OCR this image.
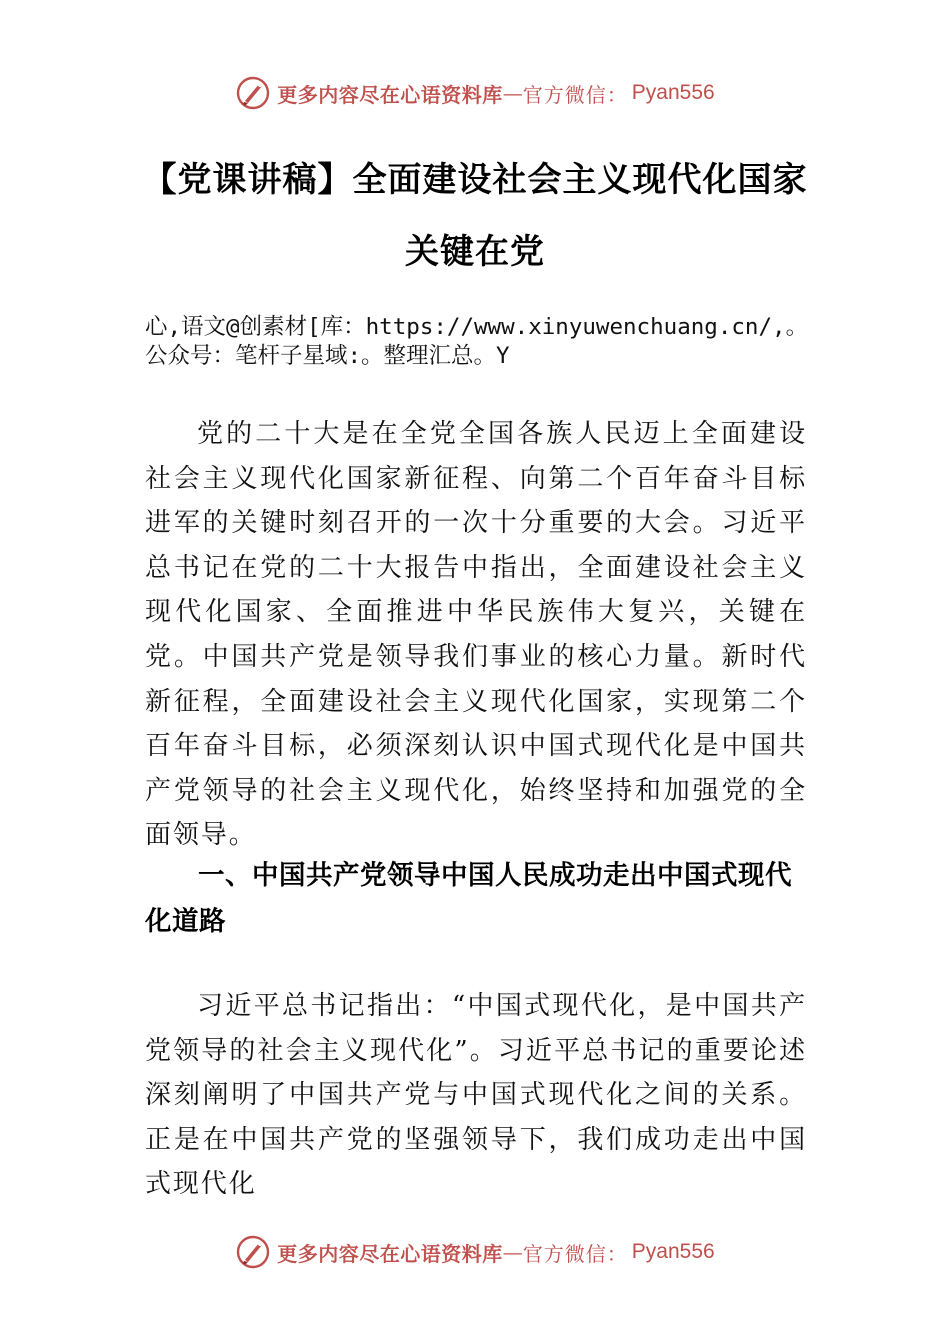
更多内容尽在心语资料库 — 官方微信： Pyan556
【党课讲稿】全面建设社会主义现代化国家
关键在党
心,语文@创素材[库：https://www.xinyuwenchuang.cn/,。
公众号：笔杆子星域:。整理汇总。Y

党的二十大是在全党全国各族人民迈上全面建设社会主义现代化国家新征程、向第二个百年奋斗目标进军的关键时刻召开的一次十分重要的大会。习近平总书记在党的二十大报告中指出，全面建设社会主义现代化国家、全面推进中华民族伟大复兴，关键在党。中国共产党是领导我们事业的核心力量。新时代新征程，全面建设社会主义现代化国家，实现第二个百年奋斗目标，必须深刻认识中国式现代化是中国共产党领导的社会主义现代化，始终坚持和加强党的全面领导。

一、中国共产党领导中国人民成功走出中国式现代化道路

习近平总书记指出：“中国式现代化，是中国共产党领导的社会主义现代化”。习近平总书记的重要论述深刻阐明了中国共产党与中国式现代化之间的关系。正是在中国共产党的坚强领导下，我们成功走出中国式现代化

更多内容尽在心语资料库 — 官方微信： Pyan556
